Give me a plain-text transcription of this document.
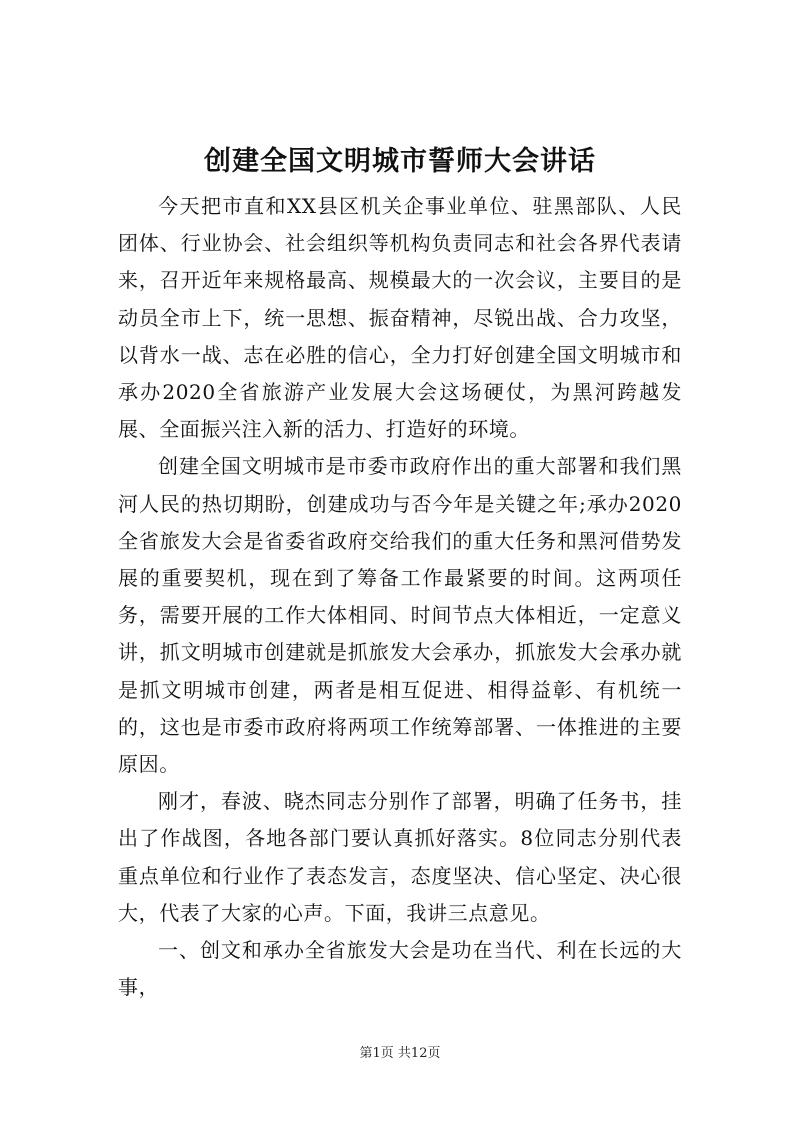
创建全国文明城市誓师大会讲话

今天把市直和XX县区机关企事业单位、驻黑部队、人民团体、行业协会、社会组织等机构负责同志和社会各界代表请来，召开近年来规格最高、规模最大的一次会议，主要目的是动员全市上下，统一思想、振奋精神，尽锐出战、合力攻坚，以背水一战、志在必胜的信心，全力打好创建全国文明城市和承办2020全省旅游产业发展大会这场硬仗，为黑河跨越发展、全面振兴注入新的活力、打造好的环境。

创建全国文明城市是市委市政府作出的重大部署和我们黑河人民的热切期盼，创建成功与否今年是关键之年;承办2020全省旅发大会是省委省政府交给我们的重大任务和黑河借势发展的重要契机，现在到了筹备工作最紧要的时间。这两项任务，需要开展的工作大体相同、时间节点大体相近，一定意义讲，抓文明城市创建就是抓旅发大会承办，抓旅发大会承办就是抓文明城市创建，两者是相互促进、相得益彰、有机统一的，这也是市委市政府将两项工作统筹部署、一体推进的主要原因。

刚才，春波、晓杰同志分别作了部署，明确了任务书，挂出了作战图，各地各部门要认真抓好落实。8位同志分别代表重点单位和行业作了表态发言，态度坚决、信心坚定、决心很大，代表了大家的心声。下面，我讲三点意见。

一、创文和承办全省旅发大会是功在当代、利在长远的大事，

第1页 共12页
